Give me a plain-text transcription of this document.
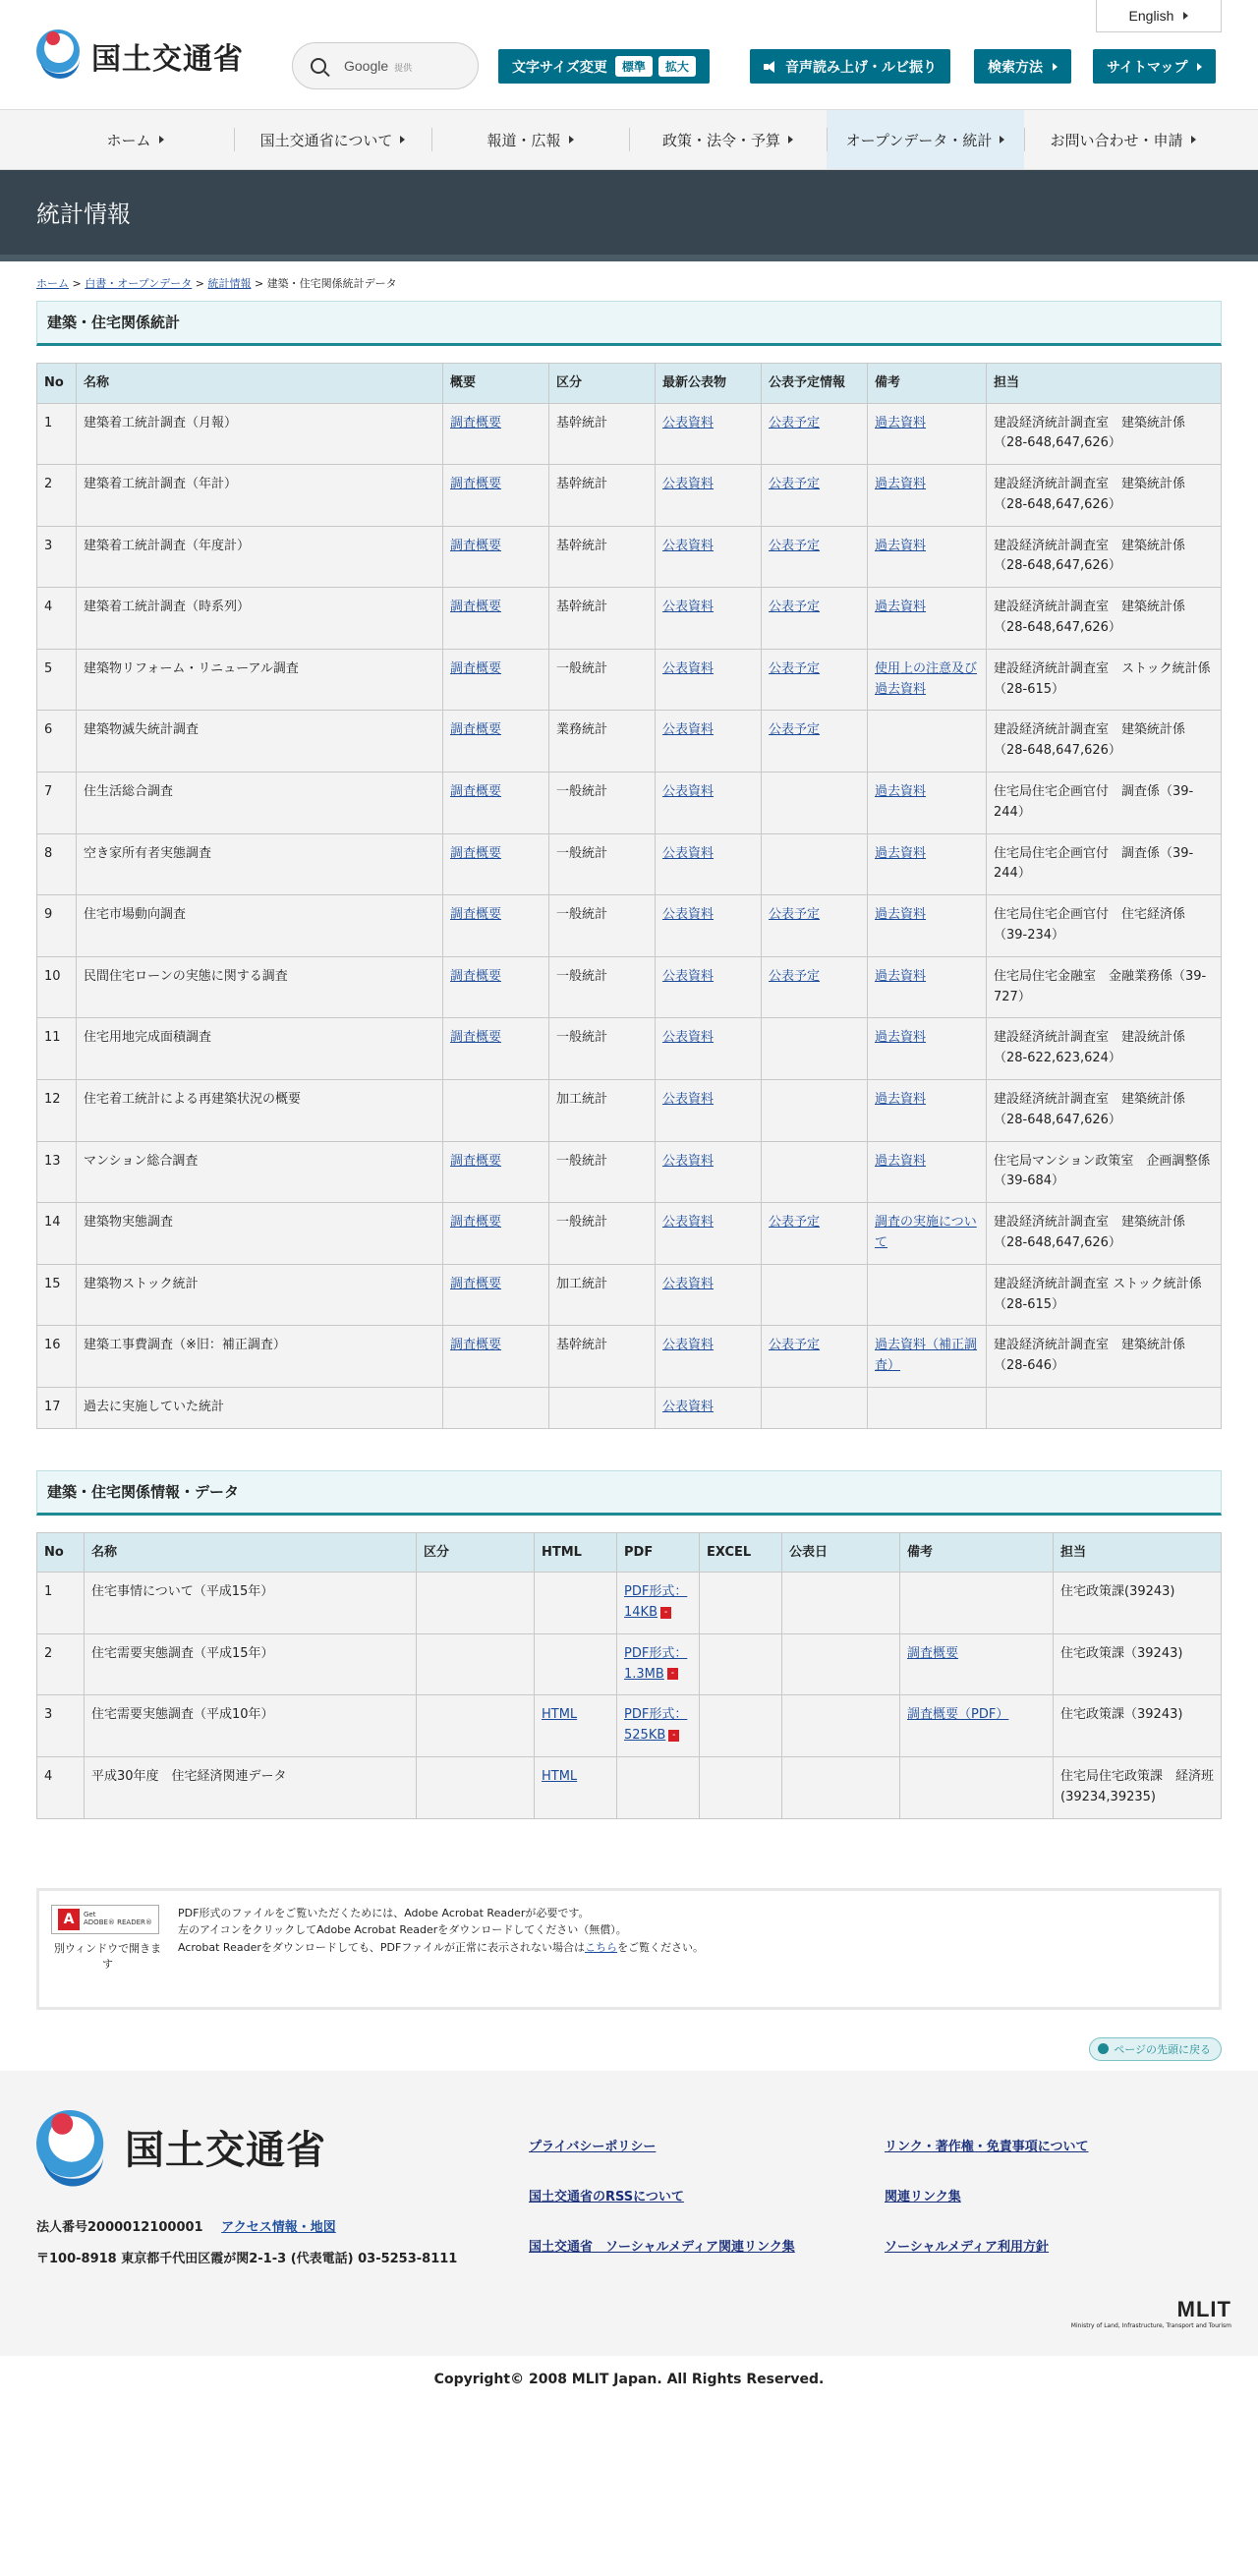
国土交通省	Google 提供
English
文字サイズ変更	標準	拡大	音声読み上げ・ルビ振り	検索方法	サイトマップ
ホーム	国土交通省について	報道・広報	政策・法令・予算	オープンデータ・統計	お問い合わせ・申請
統計情報
ホーム > 白書・オープンデータ > 統計情報 > 建築・住宅関係統計データ
建築・住宅関係統計
No	名称	概要	区分	最新公表物	公表予定情報	備考	担当
1	建築着工統計調査（月報）	調査概要	基幹統計	公表資料	公表予定	過去資料	建設経済統計調査室　建築統計係（28-648,647,626）
2	建築着工統計調査（年計）	調査概要	基幹統計	公表資料	公表予定	過去資料	建設経済統計調査室　建築統計係（28-648,647,626）
3	建築着工統計調査（年度計）	調査概要	基幹統計	公表資料	公表予定	過去資料	建設経済統計調査室　建築統計係（28-648,647,626）
4	建築着工統計調査（時系列）	調査概要	基幹統計	公表資料	公表予定	過去資料	建設経済統計調査室　建築統計係（28-648,647,626）
5	建築物リフォーム・リニューアル調査	調査概要	一般統計	公表資料	公表予定	使用上の注意及び過去資料	建設経済統計調査室　ストック統計係（28-615）
6	建築物滅失統計調査	調査概要	業務統計	公表資料	公表予定		建設経済統計調査室　建築統計係（28-648,647,626）
7	住生活総合調査	調査概要	一般統計	公表資料		過去資料	住宅局住宅企画官付　調査係（39-244）
8	空き家所有者実態調査	調査概要	一般統計	公表資料		過去資料	住宅局住宅企画官付　調査係（39-244）
9	住宅市場動向調査	調査概要	一般統計	公表資料	公表予定	過去資料	住宅局住宅企画官付　住宅経済係（39-234）
10	民間住宅ローンの実態に関する調査	調査概要	一般統計	公表資料	公表予定	過去資料	住宅局住宅金融室　金融業務係（39-727）
11	住宅用地完成面積調査	調査概要	一般統計	公表資料		過去資料	建設経済統計調査室　建設統計係（28-622,623,624）
12	住宅着工統計による再建築状況の概要		加工統計	公表資料		過去資料	建設経済統計調査室　建築統計係（28-648,647,626）
13	マンション総合調査	調査概要	一般統計	公表資料		過去資料	住宅局マンション政策室　企画調整係（39-684）
14	建築物実態調査	調査概要	一般統計	公表資料	公表予定	調査の実施について	建設経済統計調査室　建築統計係（28-648,647,626）
15	建築物ストック統計	調査概要	加工統計	公表資料			建設経済統計調査室 ストック統計係（28-615）
16	建築工事費調査（※旧：補正調査）	調査概要	基幹統計	公表資料	公表予定	過去資料（補正調査）	建設経済統計調査室　建築統計係（28-646）
17	過去に実施していた統計			公表資料			
建築・住宅関係情報・データ
No	名称	区分	HTML	PDF	EXCEL	公表日	備考	担当
1	住宅事情について（平成15年）			PDF形式：14KB ⁃				住宅政策課(39243)
2	住宅需要実態調査（平成15年）			PDF形式：1.3MB ⁃			調査概要	住宅政策課（39243)
3	住宅需要実態調査（平成10年）		HTML	PDF形式：525KB ⁃			調査概要（PDF）	住宅政策課（39243)
4	平成30年度　住宅経済関連データ		HTML					住宅局住宅政策課　経済班(39234,39235)
A	Get
ADOBE® READER®
別ウィンドウで開きます
PDF形式のファイルをご覧いただくためには、Adobe Acrobat Readerが必要です。
左のアイコンをクリックしてAdobe Acrobat Readerをダウンロードしてください（無償）。
Acrobat Readerをダウンロードしても、PDFファイルが正常に表示されない場合はこちらをご覧ください。
ページの先頭に戻る
国土交通省
法人番号2000012100001 アクセス情報・地図
〒100-8918 東京都千代田区霞が関2-1-3 (代表電話) 03-5253-8111
プライバシーポリシー
国土交通省のRSSについて
国土交通省　ソーシャルメディア関連リンク集
リンク・著作権・免責事項について
関連リンク集
ソーシャルメディア利用方針
MLIT
Ministry of Land, Infrastructure, Transport and Tourism
Copyright© 2008 MLIT Japan. All Rights Reserved.
